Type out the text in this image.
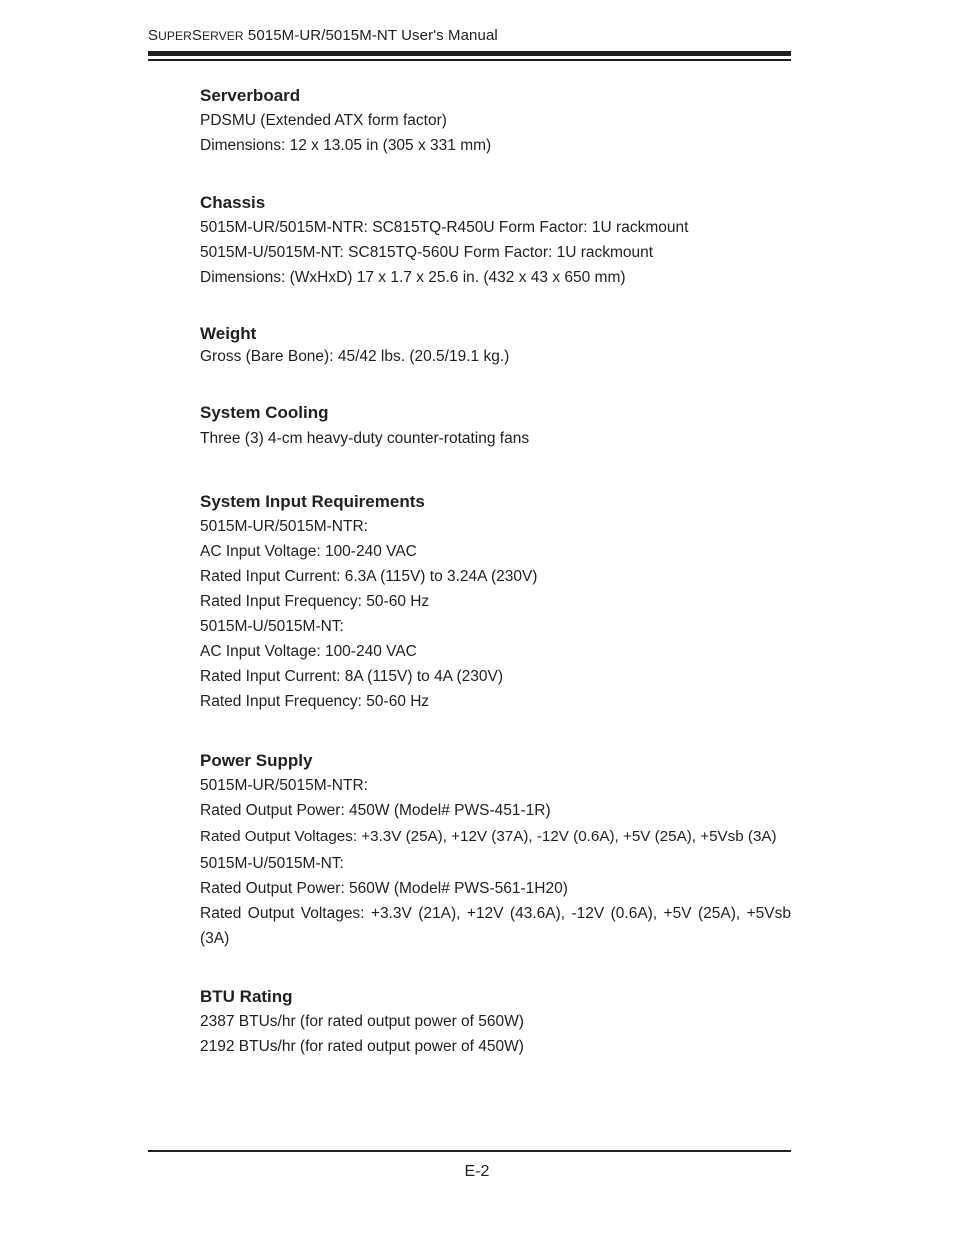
SUPERSERVER 5015M-UR/5015M-NT User's Manual
Serverboard
PDSMU (Extended ATX form factor)
Dimensions: 12 x 13.05 in (305 x 331 mm)
Chassis
5015M-UR/5015M-NTR: SC815TQ-R450U Form Factor: 1U rackmount
5015M-U/5015M-NT: SC815TQ-560U Form Factor: 1U rackmount
Dimensions: (WxHxD) 17 x 1.7 x 25.6 in. (432 x 43 x 650 mm)
Weight
Gross (Bare Bone): 45/42 lbs. (20.5/19.1 kg.)
System Cooling
Three (3) 4-cm heavy-duty counter-rotating fans
System Input Requirements
5015M-UR/5015M-NTR:
AC Input Voltage: 100-240 VAC
Rated Input Current: 6.3A (115V) to 3.24A (230V)
Rated Input Frequency: 50-60 Hz
5015M-U/5015M-NT:
AC Input Voltage: 100-240 VAC
Rated Input Current: 8A (115V) to 4A (230V)
Rated Input Frequency: 50-60 Hz
Power Supply
5015M-UR/5015M-NTR:
Rated Output Power: 450W (Model# PWS-451-1R)
Rated Output Voltages: +3.3V (25A), +12V (37A), -12V (0.6A), +5V (25A), +5Vsb (3A)
5015M-U/5015M-NT:
Rated Output Power: 560W (Model# PWS-561-1H20)
Rated Output Voltages: +3.3V (21A), +12V (43.6A), -12V (0.6A), +5V (25A), +5Vsb (3A)
BTU Rating
2387 BTUs/hr (for rated output power of 560W)
2192 BTUs/hr (for rated output power of 450W)
E-2
